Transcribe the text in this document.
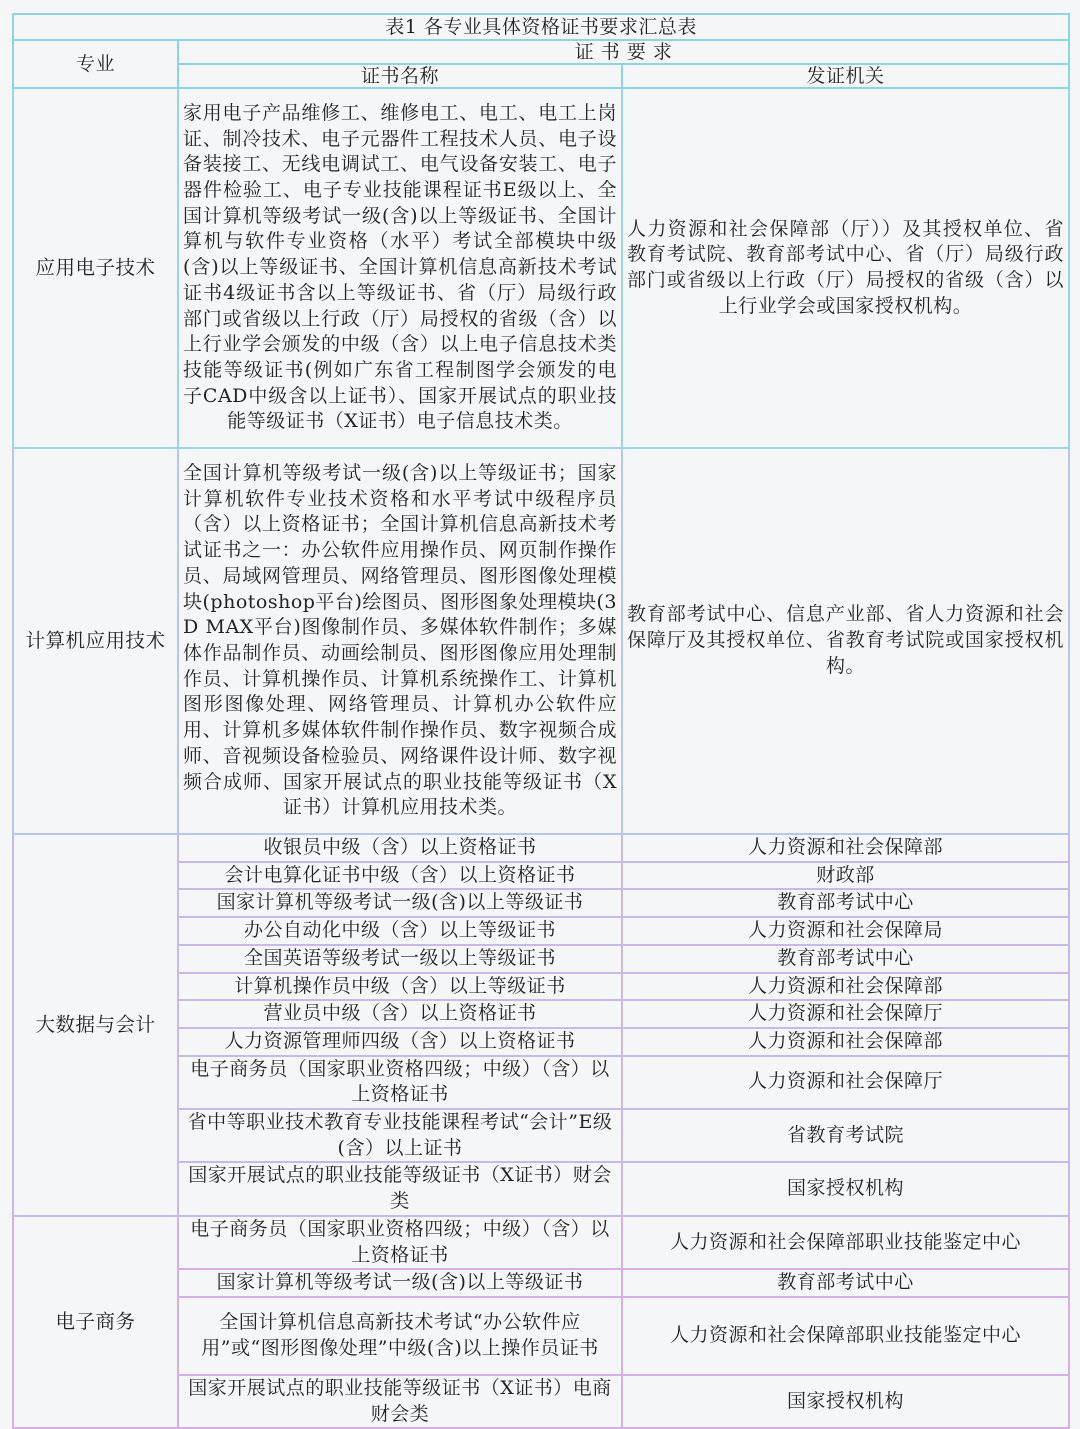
表1 各专业具体资格证书要求汇总表		
专业	证 书 要 求	
	证书名称	发证机关
应用电子技术	家用电子产品维修工、维修电工、电工、电工上岗证、制冷技术、电子元器件工程技术人员、电子设备装接工、无线电调试工、电气设备安装工、电子器件检验工、电子专业技能课程证书E级以上、全国计算机等级考试一级(含)以上等级证书、全国计算机与软件专业资格（水平）考试全部模块中级(含)以上等级证书、全国计算机信息高新技术考试证书4级证书含以上等级证书、省（厅）局级行政部门或省级以上行政（厅）局授权的省级（含）以上行业学会颁发的中级（含）以上电子信息技术类技能等级证书(例如广东省工程制图学会颁发的电子CAD中级含以上证书）、国家开展试点的职业技能等级证书（X证书）电子信息技术类。	人力资源和社会保障部（厅））及其授权单位、省教育考试院、教育部考试中心、省（厅）局级行政部门或省级以上行政（厅）局授权的省级（含）以上行业学会或国家授权机构。
计算机应用技术	全国计算机等级考试一级(含)以上等级证书；国家计算机软件专业技术资格和水平考试中级程序员（含）以上资格证书；全国计算机信息高新技术考试证书之一：办公软件应用操作员、网页制作操作员、局域网管理员、网络管理员、图形图像处理模块(photoshop平台)绘图员、图形图象处理模块(3D MAX平台)图像制作员、多媒体软件制作；多媒体作品制作员、动画绘制员、图形图像应用处理制作员、计算机操作员、计算机系统操作工、计算机图形图像处理、网络管理员、计算机办公软件应用、计算机多媒体软件制作操作员、数字视频合成师、音视频设备检验员、网络课件设计师、数字视频合成师、国家开展试点的职业技能等级证书（X证书）计算机应用技术类。	教育部考试中心、信息产业部、省人力资源和社会保障厅及其授权单位、省教育考试院或国家授权机构。
大数据与会计	收银员中级（含）以上资格证书	人力资源和社会保障部
	会计电算化证书中级（含）以上资格证书	财政部
	国家计算机等级考试一级(含)以上等级证书	教育部考试中心
	办公自动化中级（含）以上等级证书	人力资源和社会保障局
	全国英语等级考试一级以上等级证书	教育部考试中心
	计算机操作员中级（含）以上等级证书	人力资源和社会保障部
	营业员中级（含）以上资格证书	人力资源和社会保障厅
	人力资源管理师四级（含）以上资格证书	人力资源和社会保障部
	电子商务员（国家职业资格四级；中级）（含）以上资格证书	人力资源和社会保障厅
	省中等职业技术教育专业技能课程考试“会计”E级(含）以上证书	省教育考试院
	国家开展试点的职业技能等级证书（X证书）财会类	国家授权机构
电子商务	电子商务员（国家职业资格四级；中级）（含）以上资格证书	人力资源和社会保障部职业技能鉴定中心
	国家计算机等级考试一级(含)以上等级证书	教育部考试中心
	全国计算机信息高新技术考试“办公软件应用”或“图形图像处理”中级(含)以上操作员证书	人力资源和社会保障部职业技能鉴定中心
	国家开展试点的职业技能等级证书（X证书）电商财会类	国家授权机构
